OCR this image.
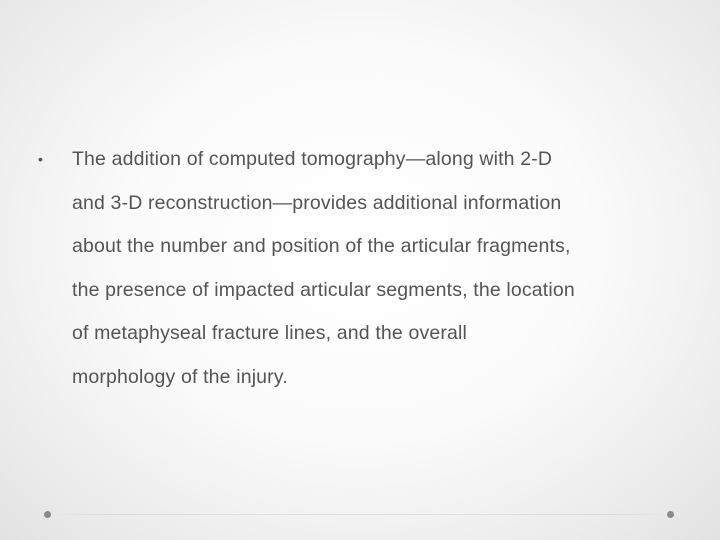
• The addition of computed tomography—along with 2-D
and 3-D reconstruction—provides additional information
about the number and position of the articular fragments,
the presence of impacted articular segments, the location
of metaphyseal fracture lines, and the overall
morphology of the injury.
